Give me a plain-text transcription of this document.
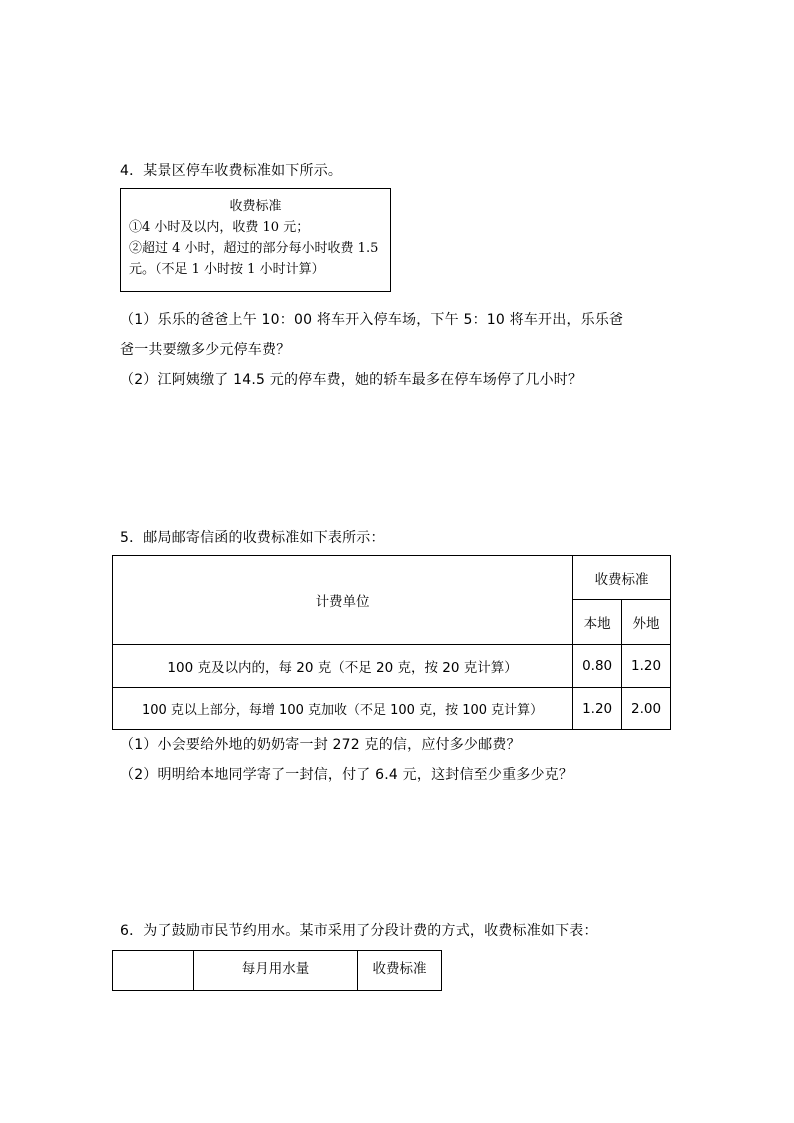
4．某景区停车收费标准如下所示。
收费标准
①4 小时及以内，收费 10 元；
②超过 4 小时，超过的部分每小时收费 1.5
元。（不足 1 小时按 1 小时计算）
（1）乐乐的爸爸上午 10：00 将车开入停车场，下午 5：10 将车开出，乐乐爸
爸一共要缴多少元停车费？
（2）江阿姨缴了 14.5 元的停车费，她的轿车最多在停车场停了几小时？
5．邮局邮寄信函的收费标准如下表所示：
计费单位	收费标准	
	本地	外地
100 克及以内的，每 20 克（不足 20 克，按 20 克计算）	0.80	1.20
100 克以上部分，每增 100 克加收（不足 100 克，按 100 克计算）	1.20	2.00
（1）小会要给外地的奶奶寄一封 272 克的信，应付多少邮费？
（2）明明给本地同学寄了一封信，付了 6.4 元，这封信至少重多少克？
6．为了鼓励市民节约用水。某市采用了分段计费的方式，收费标准如下表：
	每月用水量	收费标准
